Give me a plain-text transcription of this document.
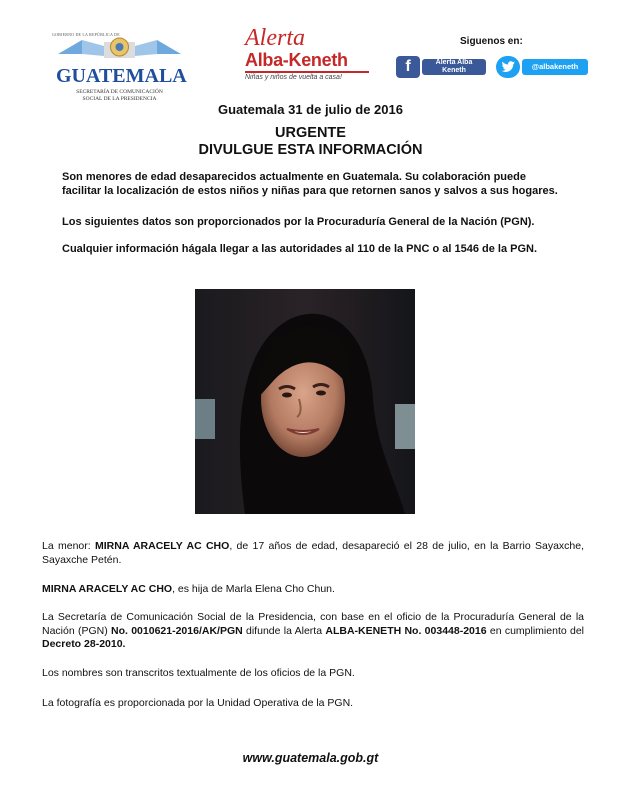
GOBIERNO DE LA REPÚBLICA DE
GUATEMALA
SECRETARÍA DE COMUNICACIÓN
SOCIAL DE LA PRESIDENCIA
Alerta
Alba-Keneth
Niñas y niños de vuelta a casa!
Siguenos en:
f	Alerta Alba
Keneth	@albakeneth
Guatemala 31 de julio de 2016
URGENTE
DIVULGUE ESTA INFORMACIÓN
Son menores de edad desaparecidos actualmente en Guatemala. Su colaboración puede facilitar la localización de estos niños y niñas para que retornen sanos y salvos a sus hogares.
Los siguientes datos son proporcionados por la Procuraduría General de la Nación (PGN).
Cualquier información hágala llegar a las autoridades al 110 de la PNC o al 1546 de la PGN.
La menor: MIRNA ARACELY AC CHO, de 17 años de edad, desapareció el 28 de julio, en la Barrio Sayaxche, Sayaxche Petén.
MIRNA ARACELY AC CHO, es hija de Marla Elena Cho Chun.
La Secretaría de Comunicación Social de la Presidencia, con base en el oficio de la Procuraduría General de la Nación (PGN) No. 0010621-2016/AK/PGN difunde la Alerta ALBA-KENETH No. 003448-2016 en cumplimiento del Decreto 28-2010.
Los nombres son transcritos textualmente de los oficios de la PGN.
La fotografía es proporcionada por la Unidad Operativa de la PGN.
www.guatemala.gob.gt
